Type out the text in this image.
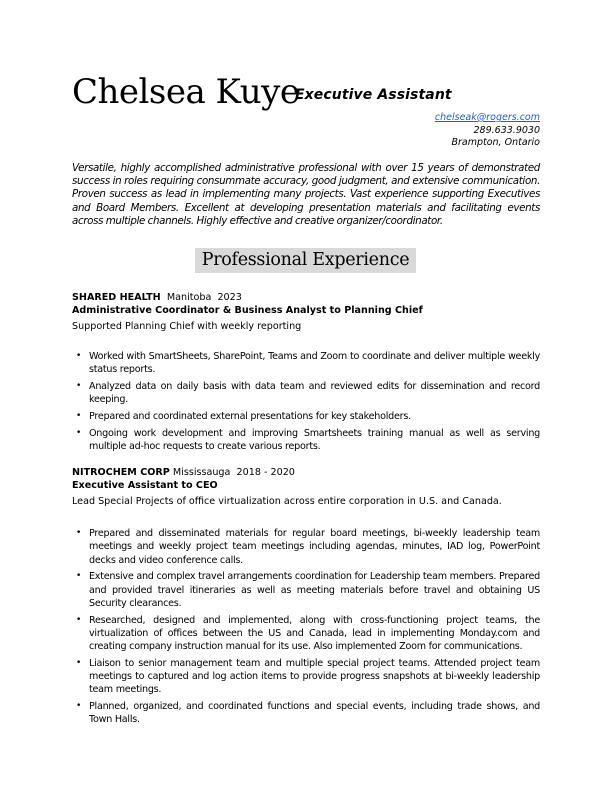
Chelsea Kuye
Executive Assistant
chelseak@rogers.com
289.633.9030
Brampton, Ontario
Versatile, highly accomplished administrative professional with over 15 years of demonstrated success in roles requiring consummate accuracy, good judgment, and extensive communication. Proven success as lead in implementing many projects. Vast experience supporting Executives and Board Members. Excellent at developing presentation materials and facilitating events across multiple channels. Highly effective and creative organizer/coordinator.
Professional Experience
SHARED HEALTH Manitoba 2023
Administrative Coordinator & Business Analyst to Planning Chief
Supported Planning Chief with weekly reporting
• Worked with SmartSheets, SharePoint, Teams and Zoom to coordinate and deliver multiple weekly status reports.
• Analyzed data on daily basis with data team and reviewed edits for dissemination and record keeping.
• Prepared and coordinated external presentations for key stakeholders.
• Ongoing work development and improving Smartsheets training manual as well as serving multiple ad-hoc requests to create various reports.
NITROCHEM CORP Mississauga 2018 - 2020
Executive Assistant to CEO
Lead Special Projects of office virtualization across entire corporation in U.S. and Canada.
• Prepared and disseminated materials for regular board meetings, bi-weekly leadership team meetings and weekly project team meetings including agendas, minutes, IAD log, PowerPoint decks and video conference calls.
• Extensive and complex travel arrangements coordination for Leadership team members. Prepared and provided travel itineraries as well as meeting materials before travel and obtaining US Security clearances.
• Researched, designed and implemented, along with cross-functioning project teams, the virtualization of offices between the US and Canada, lead in implementing Monday.com and creating company instruction manual for its use. Also implemented Zoom for communications.
• Liaison to senior management team and multiple special project teams. Attended project team meetings to captured and log action items to provide progress snapshots at bi-weekly leadership team meetings.
• Planned, organized, and coordinated functions and special events, including trade shows, and Town Halls.
